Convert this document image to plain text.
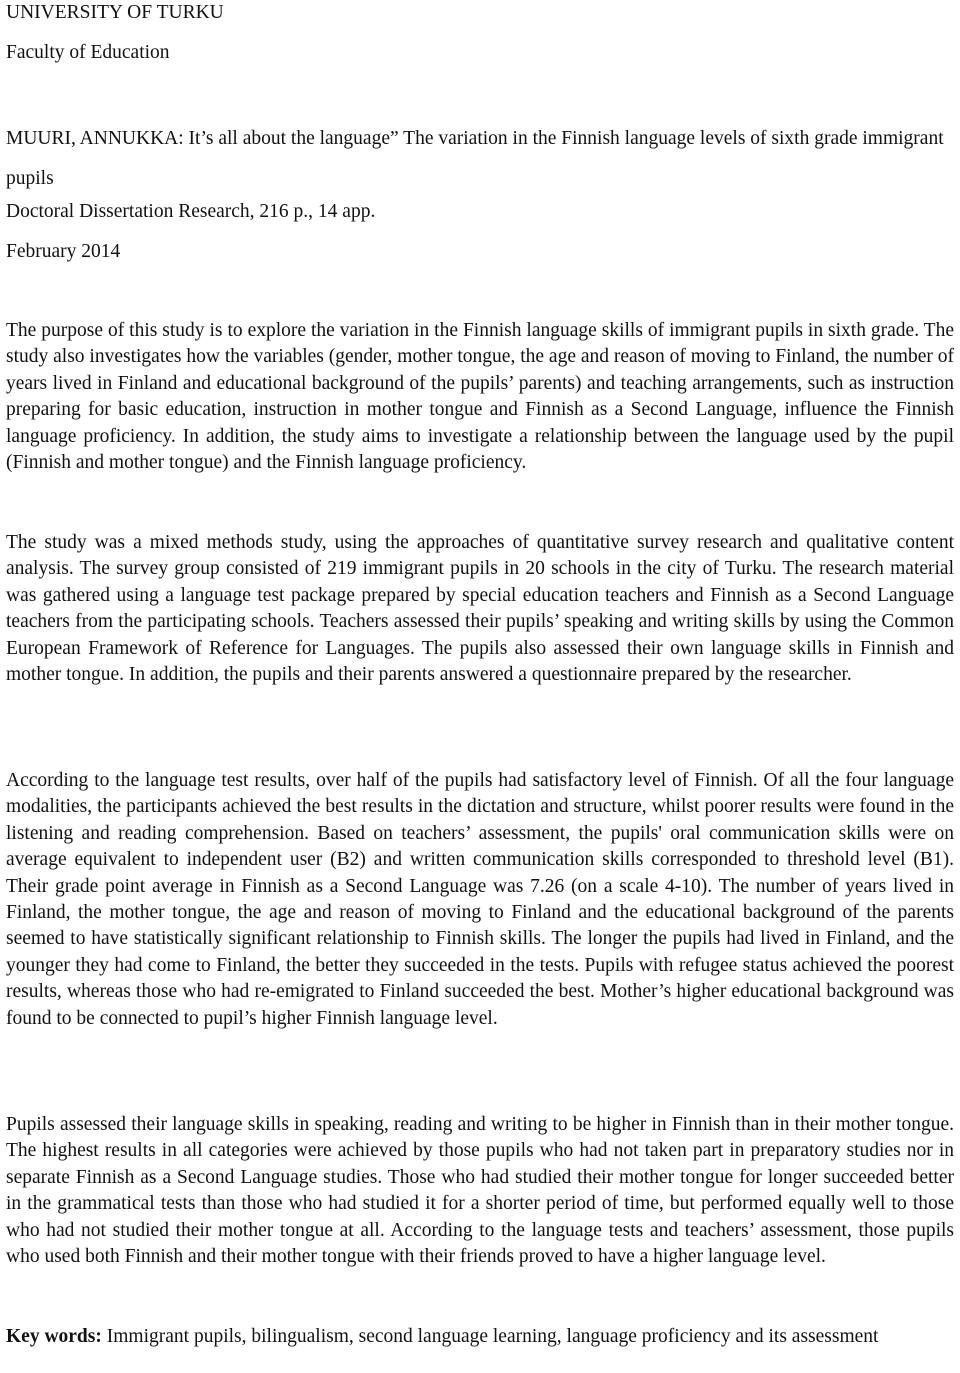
UNIVERSITY OF TURKU

Faculty of Education

MUURI, ANNUKKA: It’s all about the language” The variation in the Finnish language levels of sixth grade immigrant pupils

Doctoral Dissertation Research, 216 p., 14 app.

February 2014

The purpose of this study is to explore the variation in the Finnish language skills of immigrant pupils in sixth grade. The study also investigates how the variables (gender, mother tongue, the age and reason of moving to Finland, the number of years lived in Finland and educational background of the pupils’ parents) and teaching arrangements, such as instruction preparing for basic education, instruction in mother tongue and Finnish as a Second Language, influence the Finnish language proficiency. In addition, the study aims to investigate a relationship between the language used by the pupil (Finnish and mother tongue) and the Finnish language proficiency.

The study was a mixed methods study, using the approaches of quantitative survey research and qualitative content analysis. The survey group consisted of 219 immigrant pupils in 20 schools in the city of Turku. The research material was gathered using a language test package prepared by special education teachers and Finnish as a Second Language teachers from the participating schools. Teachers assessed their pupils’ speaking and writing skills by using the Common European Framework of Reference for Languages. The pupils also assessed their own language skills in Finnish and mother tongue. In addition, the pupils and their parents answered a questionnaire prepared by the researcher.

According to the language test results, over half of the pupils had satisfactory level of Finnish. Of all the four language modalities, the participants achieved the best results in the dictation and structure, whilst poorer results were found in the listening and reading comprehension. Based on teachers’ assessment, the pupils' oral communication skills were on average equivalent to independent user (B2) and written communication skills corresponded to threshold level (B1). Their grade point average in Finnish as a Second Language was 7.26 (on a scale 4-10). The number of years lived in Finland, the mother tongue, the age and reason of moving to Finland and the educational background of the parents seemed to have statistically significant relationship to Finnish skills. The longer the pupils had lived in Finland, and the younger they had come to Finland, the better they succeeded in the tests. Pupils with refugee status achieved the poorest results, whereas those who had re-emigrated to Finland succeeded the best. Mother’s higher educational background was found to be connected to pupil’s higher Finnish language level.

Pupils assessed their language skills in speaking, reading and writing to be higher in Finnish than in their mother tongue. The highest results in all categories were achieved by those pupils who had not taken part in preparatory studies nor in separate Finnish as a Second Language studies. Those who had studied their mother tongue for longer succeeded better in the grammatical tests than those who had studied it for a shorter period of time, but performed equally well to those who had not studied their mother tongue at all. According to the language tests and teachers’ assessment, those pupils who used both Finnish and their mother tongue with their friends proved to have a higher language level.

Key words: Immigrant pupils, bilingualism, second language learning, language proficiency and its assessment
